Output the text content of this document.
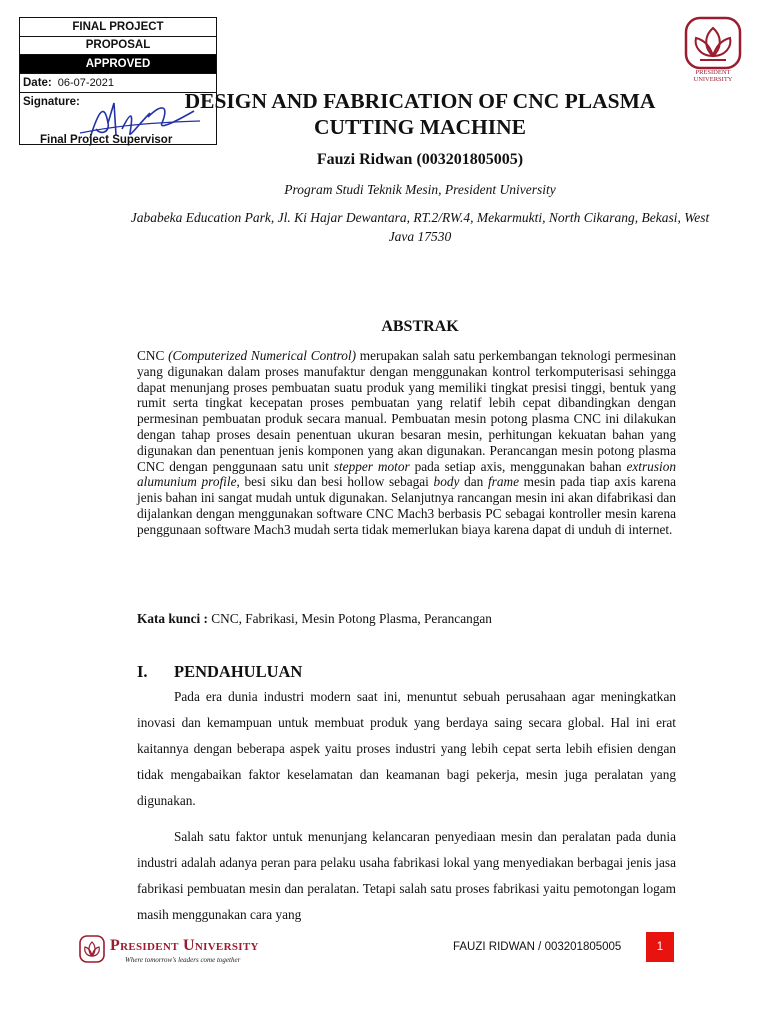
FINAL PROJECT
PROPOSAL
APPROVED
Date: 06-07-2021
Signature:
Final Project Supervisor
PRESIDENT
UNIVERSITY
DESIGN AND FABRICATION OF CNC PLASMA
CUTTING MACHINE
Fauzi Ridwan (003201805005)
Program Studi Teknik Mesin, President University
Jababeka Education Park, Jl. Ki Hajar Dewantara, RT.2/RW.4, Mekarmukti, North Cikarang, Bekasi, West Java 17530
ABSTRAK
CNC (Computerized Numerical Control) merupakan salah satu perkembangan teknologi permesinan yang digunakan dalam proses manufaktur dengan menggunakan kontrol terkomputerisasi sehingga dapat menunjang proses pembuatan suatu produk yang memiliki tingkat presisi tinggi, bentuk yang rumit serta tingkat kecepatan proses pembuatan yang relatif lebih cepat dibandingkan dengan permesinan pembuatan produk secara manual. Pembuatan mesin potong plasma CNC ini dilakukan dengan tahap proses desain penentuan ukuran besaran mesin, perhitungan kekuatan bahan yang digunakan dan penentuan jenis komponen yang akan digunakan. Perancangan mesin potong plasma CNC dengan penggunaan satu unit stepper motor pada setiap axis, menggunakan bahan extrusion alumunium profile, besi siku dan besi hollow sebagai body dan frame mesin pada tiap axis karena jenis bahan ini sangat mudah untuk digunakan. Selanjutnya rancangan mesin ini akan difabrikasi dan dijalankan dengan menggunakan software CNC Mach3 berbasis PC sebagai kontroller mesin karena penggunaan software Mach3 mudah serta tidak memerlukan biaya karena dapat di unduh di internet.
Kata kunci : CNC, Fabrikasi, Mesin Potong Plasma, Perancangan
I. PENDAHULUAN
Pada era dunia industri modern saat ini, menuntut sebuah perusahaan agar meningkatkan inovasi dan kemampuan untuk membuat produk yang berdaya saing secara global. Hal ini erat kaitannya dengan beberapa aspek yaitu proses industri yang lebih cepat serta lebih efisien dengan tidak mengabaikan faktor keselamatan dan keamanan bagi pekerja, mesin juga peralatan yang digunakan.
Salah satu faktor untuk menunjang kelancaran penyediaan mesin dan peralatan pada dunia industri adalah adanya peran para pelaku usaha fabrikasi lokal yang menyediakan berbagai jenis jasa fabrikasi pembuatan mesin dan peralatan. Tetapi salah satu proses fabrikasi yaitu pemotongan logam masih menggunakan cara yang
President University
Where tomorrow's leaders come together
FAUZI RIDWAN / 003201805005	1
